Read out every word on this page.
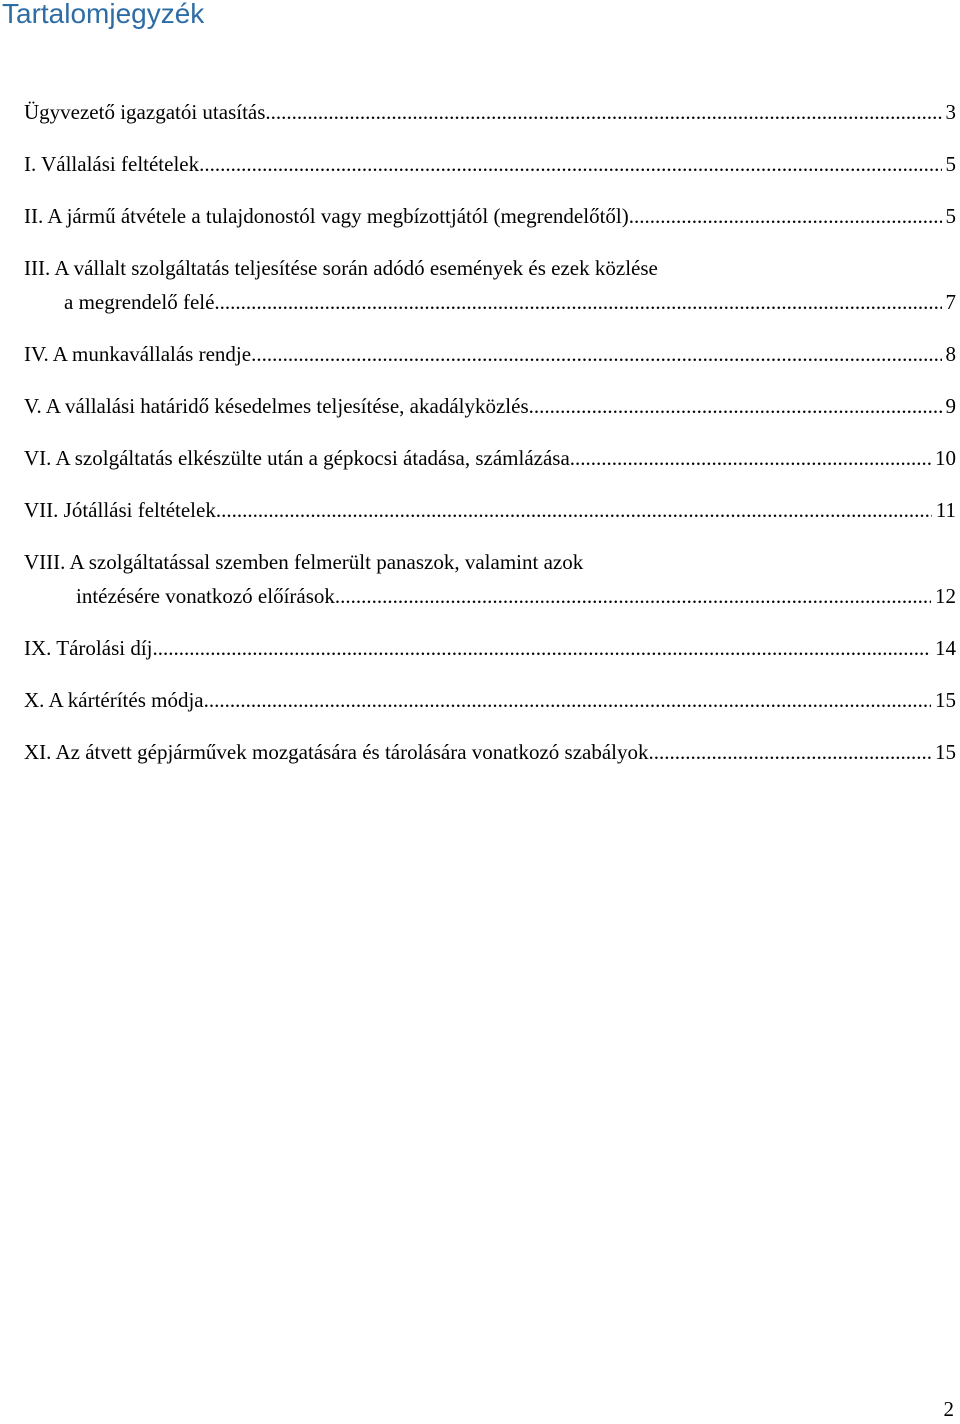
Tartalomjegyzék
Ügyvezető igazgatói utasítás .....	3
I. Vállalási feltételek .....	5
II. A jármű átvétele a tulajdonostól vagy megbízottjától (megrendelőtől) .....	5
III. A vállalt szolgáltatás teljesítése során adódó események és ezek közlése
a megrendelő felé .....	7
IV. A munkavállalás rendje .....	8
V. A vállalási határidő késedelmes teljesítése, akadályközlés .....	9
VI. A szolgáltatás elkészülte után a gépkocsi átadása, számlázása .....	10
VII. Jótállási feltételek .....	11
VIII. A szolgáltatással szemben felmerült panaszok, valamint azok
intézésére vonatkozó előírások .....	12
IX. Tárolási díj .....	14
X. A kártérítés módja .....	15
XI. Az átvett gépjárművek mozgatására és tárolására vonatkozó szabályok .....	15
2
